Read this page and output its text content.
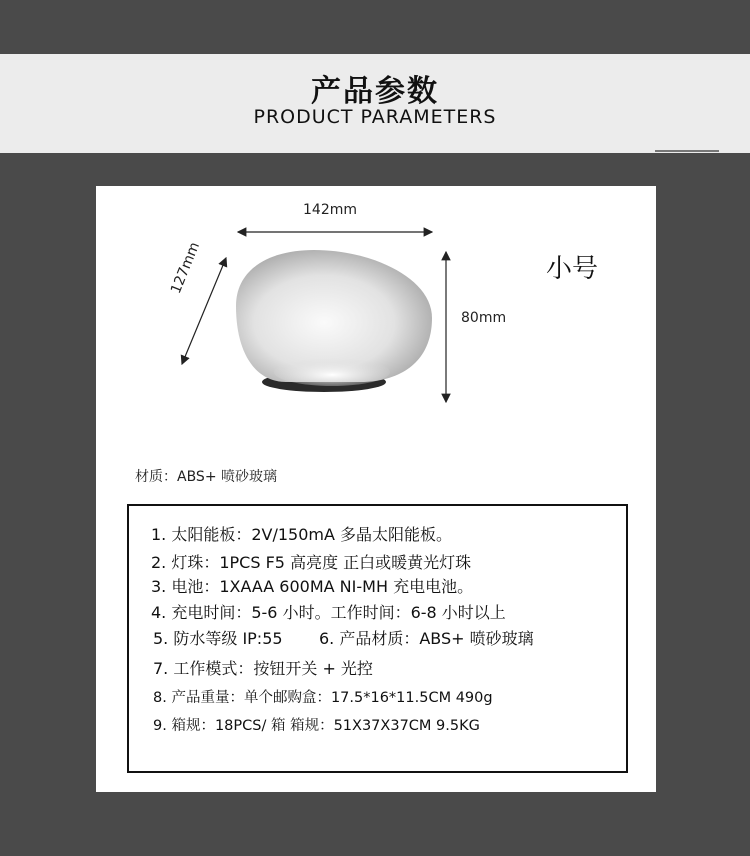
产品参数
PRODUCT PARAMETERS
142mm
127mm
80mm
小号
材质：ABS+ 喷砂玻璃
1. 太阳能板：2V/150mA 多晶太阳能板。
2. 灯珠：1PCS F5 高亮度 正白或暖黄光灯珠
3. 电池：1XAAA 600MA NI-MH 充电电池。
4. 充电时间：5-6 小时。工作时间：6-8 小时以上
5. 防水等级 IP:55 6. 产品材质：ABS+ 喷砂玻璃
7. 工作模式：按钮开关 + 光控
8. 产品重量：单个邮购盒：17.5*16*11.5CM 490g
9. 箱规：18PCS/ 箱 箱规：51X37X37CM 9.5KG
